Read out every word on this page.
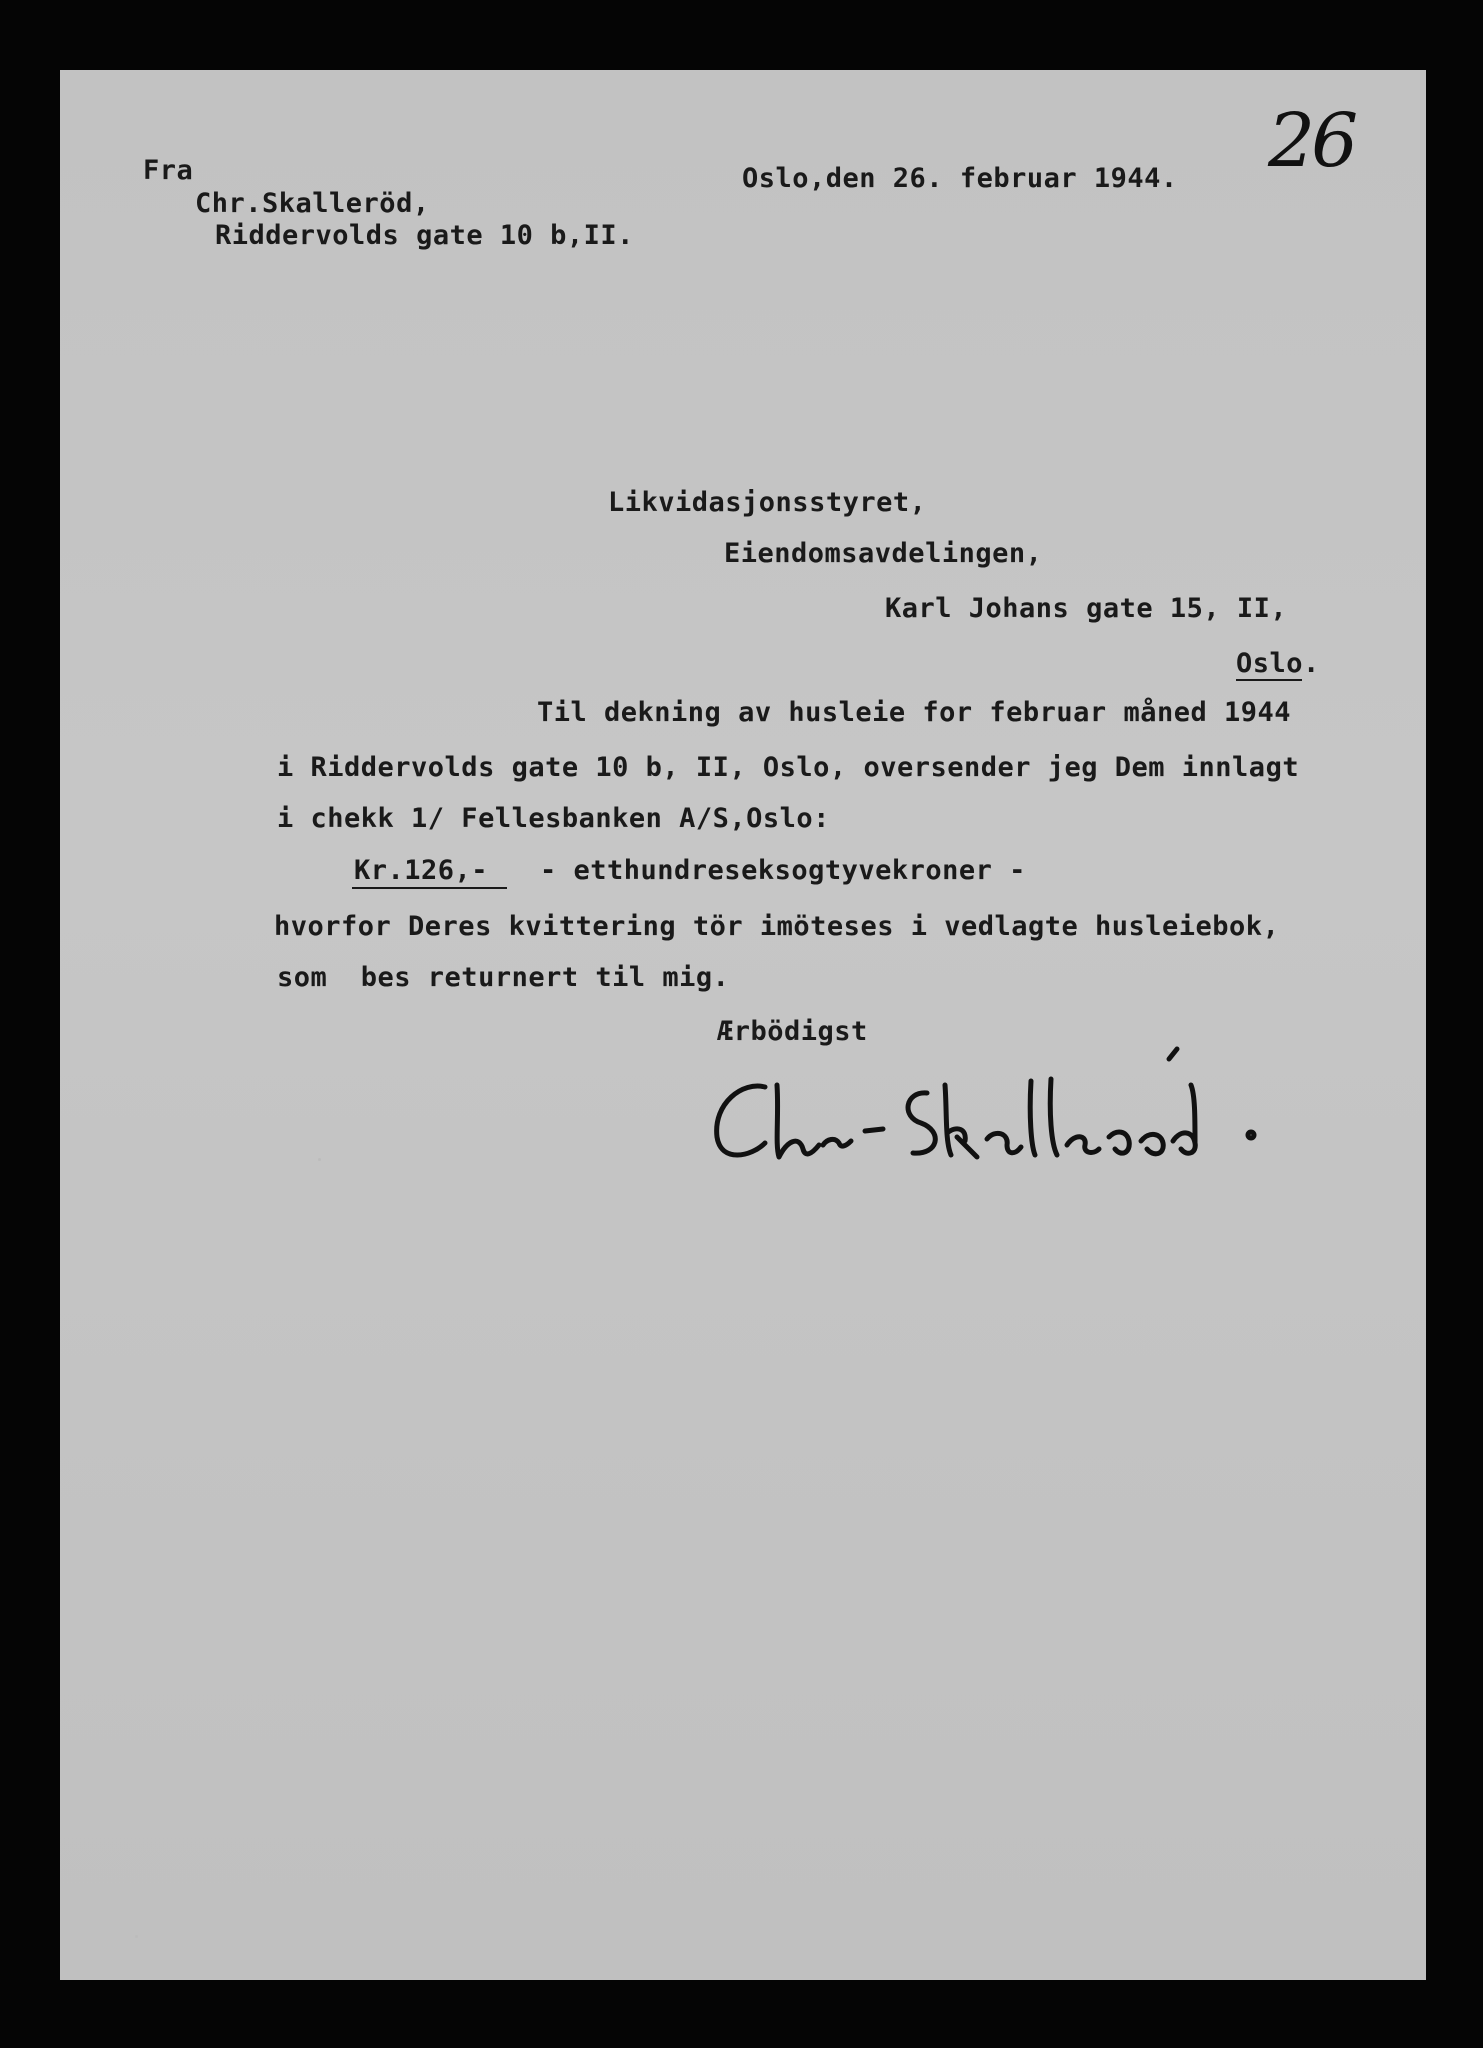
Fra
Chr.Skalleröd,
Riddervolds gate 10 b,II.
Oslo,den 26. februar 1944. 26
Likvidasjonsstyret,
Eiendomsavdelingen,
Karl Johans gate 15, II,
Oslo.
Til dekning av husleie for februar måned 1944
i Riddervolds gate 10 b, II, Oslo, oversender jeg Dem innlagt
i chekk 1/ Fellesbanken A/S,Oslo:
Kr.126,- - etthundreseksogtyvekroner -
hvorfor Deres kvittering tör imöteses i vedlagte husleiebok,
som  bes returnert til mig.
Ærbödigst
